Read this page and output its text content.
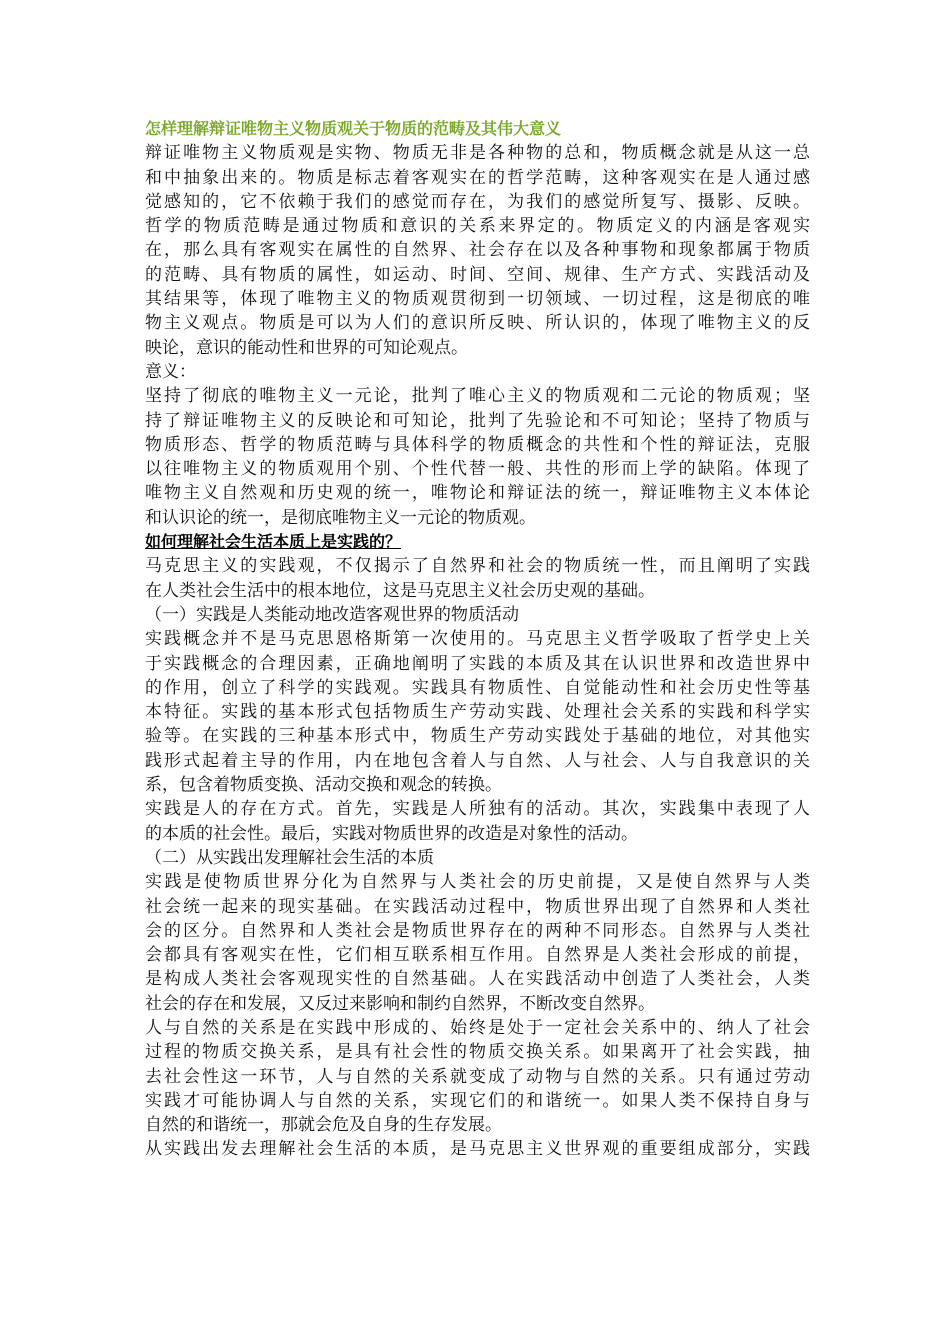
怎样理解辩证唯物主义物质观关于物质的范畴及其伟大意义
辩证唯物主义物质观是实物、物质无非是各种物的总和，物质概念就是从这一总
和中抽象出来的。物质是标志着客观实在的哲学范畴，这种客观实在是人通过感
觉感知的，它不依赖于我们的感觉而存在，为我们的感觉所复写、摄影、反映。
哲学的物质范畴是通过物质和意识的关系来界定的。物质定义的内涵是客观实
在，那么具有客观实在属性的自然界、社会存在以及各种事物和现象都属于物质
的范畴、具有物质的属性，如运动、时间、空间、规律、生产方式、实践活动及
其结果等，体现了唯物主义的物质观贯彻到一切领域、一切过程，这是彻底的唯
物主义观点。物质是可以为人们的意识所反映、所认识的，体现了唯物主义的反
映论，意识的能动性和世界的可知论观点。
意义：
坚持了彻底的唯物主义一元论，批判了唯心主义的物质观和二元论的物质观；坚
持了辩证唯物主义的反映论和可知论，批判了先验论和不可知论；坚持了物质与
物质形态、哲学的物质范畴与具体科学的物质概念的共性和个性的辩证法，克服
以往唯物主义的物质观用个别、个性代替一般、共性的形而上学的缺陷。体现了
唯物主义自然观和历史观的统一，唯物论和辩证法的统一，辩证唯物主义本体论
和认识论的统一，是彻底唯物主义一元论的物质观。
如何理解社会生活本质上是实践的？
马克思主义的实践观，不仅揭示了自然界和社会的物质统一性，而且阐明了实践
在人类社会生活中的根本地位，这是马克思主义社会历史观的基础。
（一）实践是人类能动地改造客观世界的物质活动
实践概念并不是马克思恩格斯第一次使用的。马克思主义哲学吸取了哲学史上关
于实践概念的合理因素，正确地阐明了实践的本质及其在认识世界和改造世界中
的作用，创立了科学的实践观。实践具有物质性、自觉能动性和社会历史性等基
本特征。实践的基本形式包括物质生产劳动实践、处理社会关系的实践和科学实
验等。在实践的三种基本形式中，物质生产劳动实践处于基础的地位，对其他实
践形式起着主导的作用，内在地包含着人与自然、人与社会、人与自我意识的关
系，包含着物质变换、活动交换和观念的转换。
实践是人的存在方式。首先，实践是人所独有的活动。其次，实践集中表现了人
的本质的社会性。最后，实践对物质世界的改造是对象性的活动。
（二）从实践出发理解社会生活的本质
实践是使物质世界分化为自然界与人类社会的历史前提，又是使自然界与人类
社会统一起来的现实基础。在实践活动过程中，物质世界出现了自然界和人类社
会的区分。自然界和人类社会是物质世界存在的两种不同形态。自然界与人类社
会都具有客观实在性，它们相互联系相互作用。自然界是人类社会形成的前提，
是构成人类社会客观现实性的自然基础。人在实践活动中创造了人类社会，人类
社会的存在和发展，又反过来影响和制约自然界，不断改变自然界。
人与自然的关系是在实践中形成的、始终是处于一定社会关系中的、纳人了社会
过程的物质交换关系，是具有社会性的物质交换关系。如果离开了社会实践，抽
去社会性这一环节，人与自然的关系就变成了动物与自然的关系。只有通过劳动
实践才可能协调人与自然的关系，实现它们的和谐统一。如果人类不保持自身与
自然的和谐统一，那就会危及自身的生存发展。
从实践出发去理解社会生活的本质，是马克思主义世界观的重要组成部分，实践
